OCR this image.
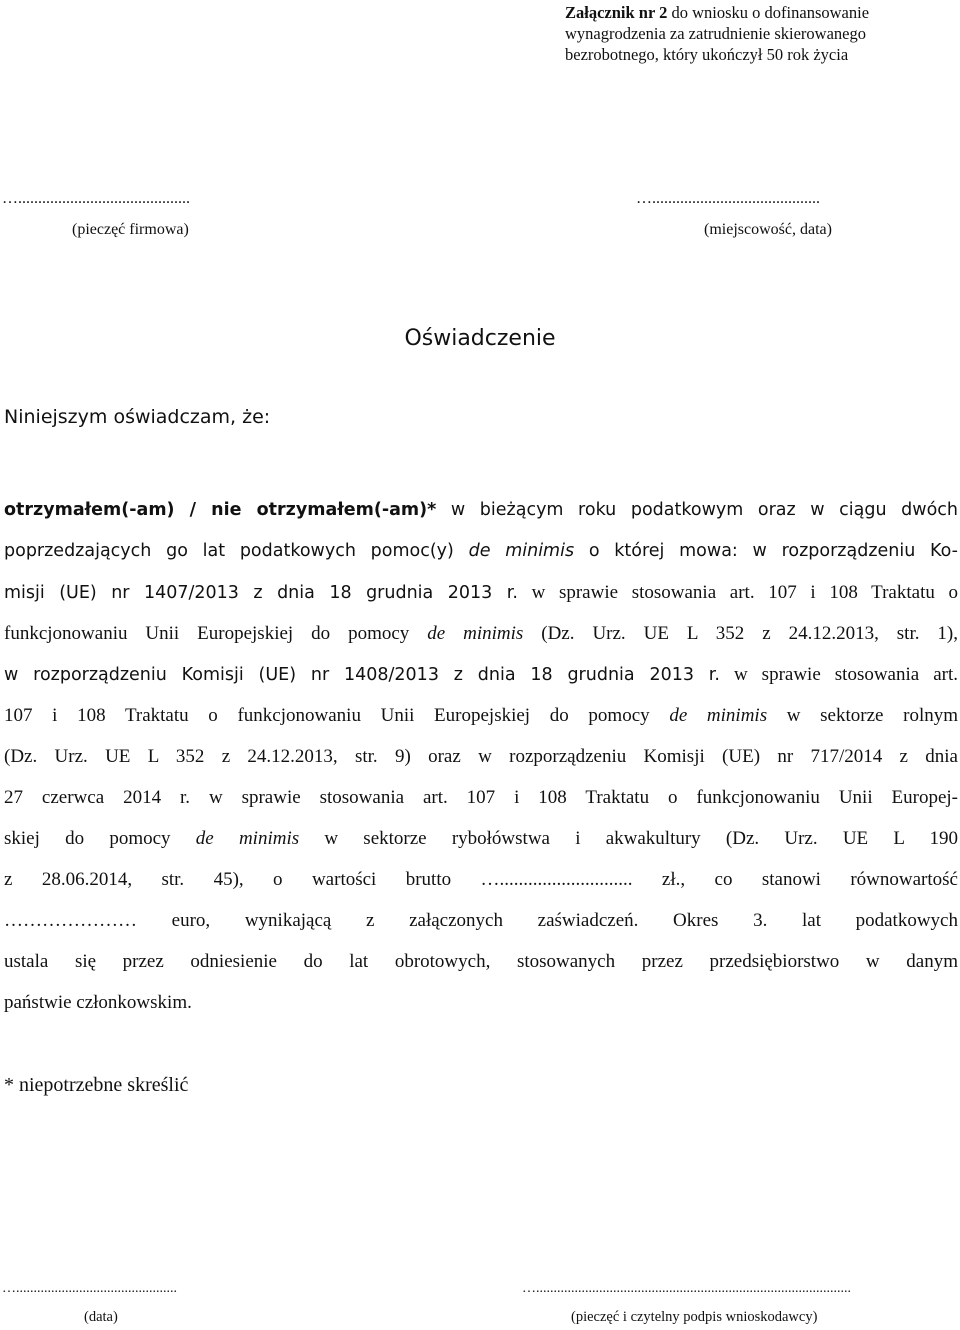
Załącznik nr 2 do wniosku o dofinansowanie
wynagrodzenia za zatrudnienie skierowanego
bezrobotnego, który ukończył 50 rok życia
…...........................................
(pieczęć firmowa)
…..........................................
(miejscowość, data)
Oświadczenie
Niniejszym oświadczam, że:
otrzymałem(-am) / nie otrzymałem(-am)* w bieżącym roku podatkowym oraz w ciągu dwóch
poprzedzających go lat podatkowych pomoc(y) de minimis o której mowa: w rozporządzeniu Ko-
misji (UE) nr 1407/2013 z dnia 18 grudnia 2013 r. w sprawie stosowania art. 107 i 108 Traktatu o
funkcjonowaniu Unii Europejskiej do pomocy de minimis (Dz. Urz. UE L 352 z 24.12.2013, str. 1),
w rozporządzeniu Komisji (UE) nr 1408/2013 z dnia 18 grudnia 2013 r. w sprawie stosowania art.
107 i 108 Traktatu o funkcjonowaniu Unii Europejskiej do pomocy de minimis w sektorze rolnym
(Dz. Urz. UE L 352 z 24.12.2013, str. 9) oraz w rozporządzeniu Komisji (UE) nr 717/2014 z dnia
27 czerwca 2014 r. w sprawie stosowania art. 107 i 108 Traktatu o funkcjonowaniu Unii Europej-
skiej do pomocy de minimis w sektorze rybołówstwa i akwakultury (Dz. Urz. UE L 190
z 28.06.2014, str. 45), o wartości brutto …............................ zł., co stanowi równowartość
………………… euro, wynikającą z załączonych zaświadczeń. Okres 3. lat podatkowych
ustala się przez odniesienie do lat obrotowych, stosowanych przez przedsiębiorstwo w danym
państwie członkowskim.
* niepotrzebne skreślić
…..............................................
(data)
…..........................................................................................
(pieczęć i czytelny podpis wnioskodawcy)
